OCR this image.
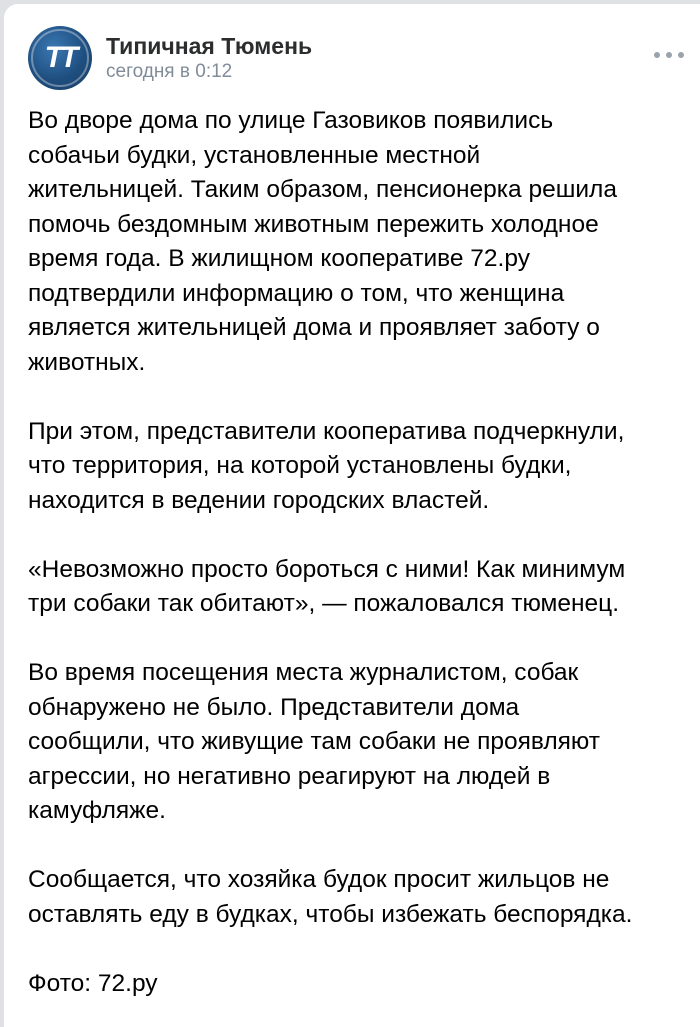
ТТ Типичная Тюмень
сегодня в 0:12

Во дворе дома по улице Газовиков появились
собачьи будки, установленные местной
жительницей. Таким образом, пенсионерка решила
помочь бездомным животным пережить холодное
время года. В жилищном кооперативе 72.ру
подтвердили информацию о том, что женщина
является жительницей дома и проявляет заботу о
животных.

При этом, представители кооператива подчеркнули,
что территория, на которой установлены будки,
находится в ведении городских властей.

«Невозможно просто бороться с ними! Как минимум
три собаки так обитают», — пожаловался тюменец.

Во время посещения места журналистом, собак
обнаружено не было. Представители дома
сообщили, что живущие там собаки не проявляют
агрессии, но негативно реагируют на людей в
камуфляже.

Сообщается, что хозяйка будок просит жильцов не
оставлять еду в будках, чтобы избежать беспорядка.

Фото: 72.ру
